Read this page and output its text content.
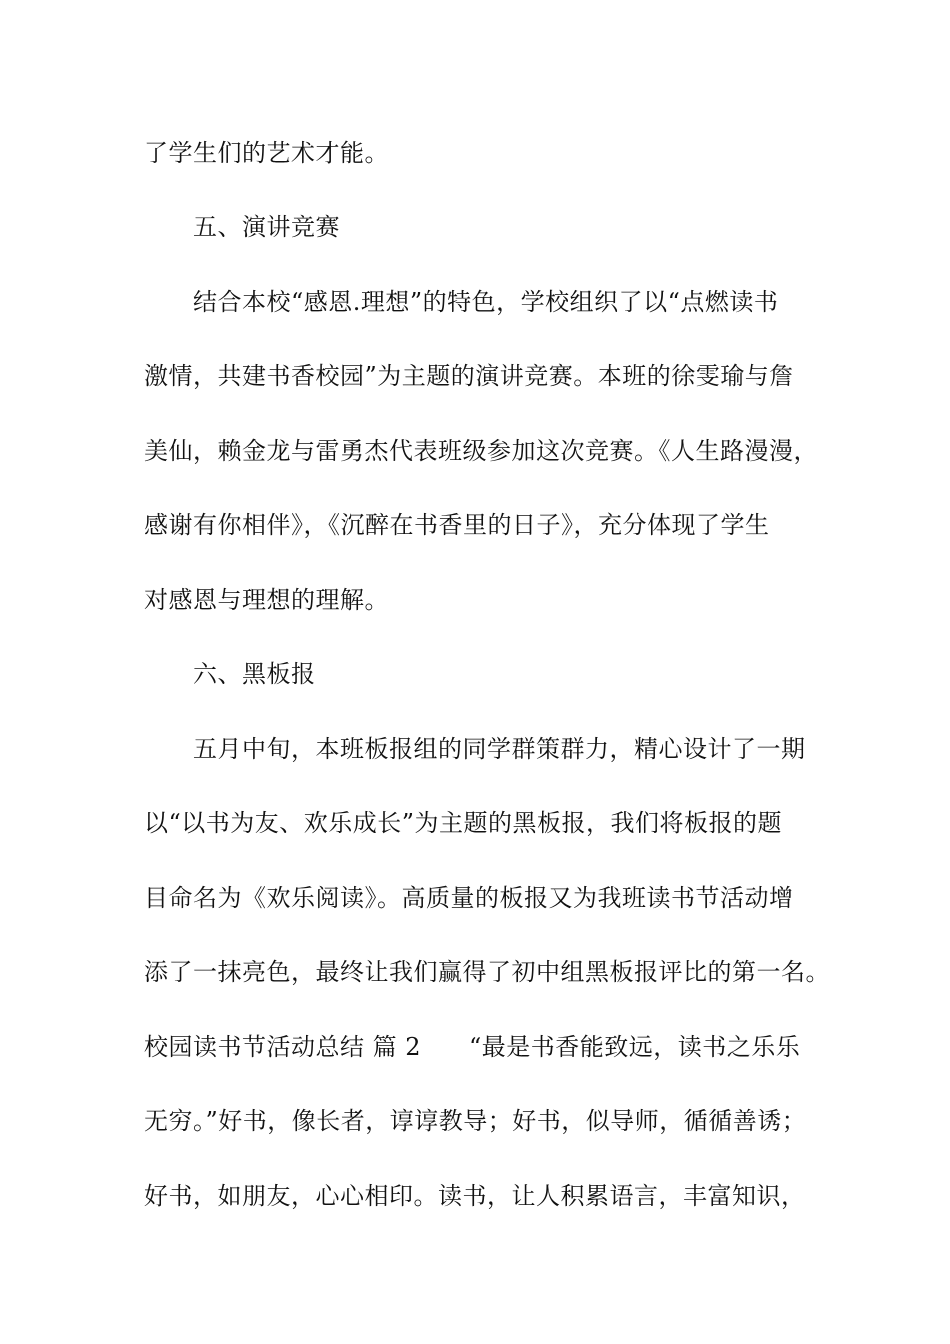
了学生们的艺术才能。
五、演讲竞赛
结合本校“感恩.理想”的特色，学校组织了以“点燃读书
激情，共建书香校园”为主题的演讲竞赛。本班的徐雯瑜与詹
美仙，赖金龙与雷勇杰代表班级参加这次竞赛。《人生路漫漫，
感谢有你相伴》，《沉醉在书香里的日子》，充分体现了学生
对感恩与理想的理解。
六、黑板报
五月中旬，本班板报组的同学群策群力，精心设计了一期
以“以书为友、欢乐成长”为主题的黑板报，我们将板报的题
目命名为《欢乐阅读》。高质量的板报又为我班读书节活动增
添了一抹亮色，最终让我们赢得了初中组黑板报评比的第一名。
校园读书节活动总结 篇 2 “最是书香能致远，读书之乐乐
无穷。”好书，像长者，谆谆教导；好书，似导师，循循善诱；
好书，如朋友，心心相印。读书，让人积累语言，丰富知识，
